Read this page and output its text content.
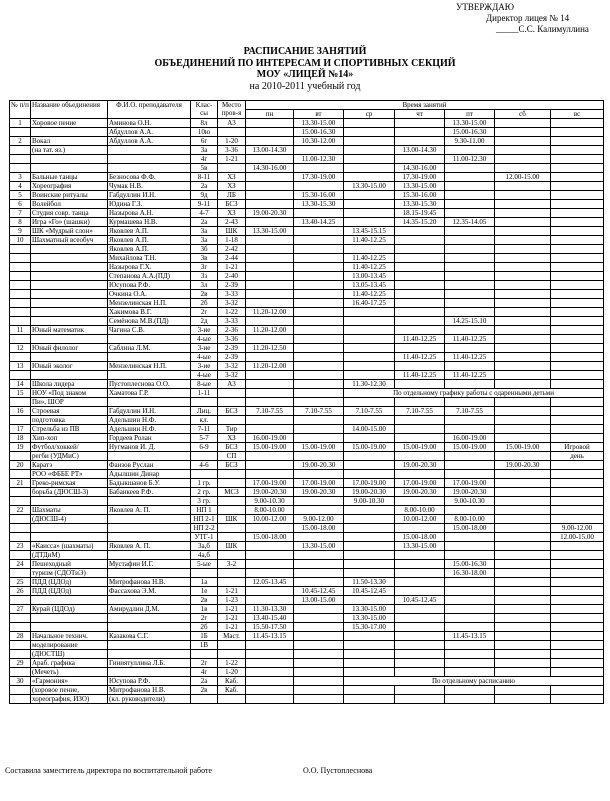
УТВЕРЖДАЮ
Директор лицея № 14
_____С.С. Калимуллина
РАСПИСАНИЕ ЗАНЯТИЙ
ОБЪЕДИНЕНИЙ ПО ИНТЕРЕСАМ И СПОРТИВНЫХ СЕКЦИЙ
МОУ «ЛИЦЕЙ №14»
на 2010-2011 учебный год
№ п/п	Название объединения	Ф.И.О. преподавателя	Клас-сы	Место пров-я	Время занятий						
					пн	вт	ср	чт	пт	сб	вс
1	Хоровое пение	Аминова О.Н.	8л	А3		13.30-15.00			13.30-15.00		
		Абдуллов А.А.	10ю			15.00-16.30			15.00-16.30		
2	Вокал	Абдуллов А.А.	6г	1-20		10.30-12.00			9.30-11.00		
	(на тат. яз.)		3а	3-36	13.00-14.30			13.00-14.30			
			4г	1-21		11.00-12.30			11.00-12.30		
			5в		14.30-16.00			14.30-16.00			
3	Бальные танцы	Безносова Ф.Ф.	8-11	ХЗ		17.30-19.00		17.30-19.00		12.00-15.00	
4	Хореография	Чумак Н.В.	2а	ХЗ			13.30-15.00	13.30-15.00			
5	Воинские ритуалы	Габдуллин И.Н.	9д	ЛБ		15.30-16.00		15.30-16.00			
6	Волейбол	Юдина Г.З.	9-11	БСЗ		13.30-15.30		13.30-15.30			
7	Студия совр. танца	Назырова А.Н.	4-7	ХЗ	19.00-20.30			18.15-19.45			
8	Игра «Го» (шашки)	Курмашева Н.В.	2а	2-43		13.40-14.25		14.35-15.20	12.35-14.05		
9	ШК «Мудрый слон»	Яковлев А.П.	3а	ШК	13.30-15.00		13.45-15.15				
10	Шахматный всеобуч	Яковлев А.П.	3а	1-18			11.40-12.25				
		Яковлев А.П.	3б	2-42							
		Михайлова Т.Н.	3в	2-44			11.40-12.25				
		Назырова Г.Х.	3г	1-21			11.40-12.25				
		Степанова А.А.(ПД)	3з	2-40			13.00-13.45				
		Юсупова Р.Ф.	3л	2-39			13.05-13.45				
		Очкина О.А.	2в	3-33			11.40-12.25				
		Мензелинская Н.П.	2б	3-32			16.40-17.25				
		Хакимова В.Г.	2г	1-22	11.20-12.00						
		Семёнова М.В.(ПД)	2д	3-33					14.25-15.10		
11	Юный математик	Чагина С.В.	3-ие	2-36	11.20-12.00						
			4-ые	3-36				11.40-12.25	11.40-12.25		
12	Юный филолог	Саблина Л.М.	3-ие	2-39	11.20-12.50						
			4-ые	2-39				11.40-12.25	11.40-12.25		
13	Юный эколог	Мензелинская Н.П.	3-ие	3-32	11.20-12.00						
			4-ые	3-32				11.40-12.25	11.40-12.25		
14	Школа лидера	Пустоплеснова О.О.	8-ые	А3			11.30-12.30				
15	НОУ «Под знаком	Хаматова Г.Р.	1-11				По отдельному графику работы с одаренными детьми				
	Пи», ШОР										
16	Строевая	Габдуллин И.Н.	Лиц.	БСЗ	7.10-7.55	7.10-7.55	7.10-7.55	7.10-7.55	7.10-7.55		
	подготовка	Адельшин Н.Ф.	кл.								
17	Стрельба из ПВ	Адельшин Н.Ф.	7-11	Тир			14.00-15.00				
18	Хип-хоп	Гордеев Ролан	5-7	ХЗ	16.00-19.00				16.00-19.00		
19	Футбол/хоккей/	Нугманов И. Д.	6-9	БСЗ	15.00-19.00	15.00-19.00	15.00-19.00	15.00-19.00	15.00-19.00	15.00-19.00	Игровой
	регби (УДМиС)			СП							день
20	Каратэ	Фаизов Руслан	4-6	БСЗ		19.00-20.30		19.00-20.30		19.00-20.30	
	РОО «ФББЕ РТ»	Адылшин Динар									
21	Греко-римская	Бадыкшанов Б.У.	1 гр.		17.00-19.00	17.00-19.00	17.00-19.00	17.00-19.00	17.00-19.00		
	борьба (ДЮСШ-3)	Бабанкеев Р.Ф.	2 гр.	МСЗ	19.00-20.30	19.00-20.30	19.00-20.30	19.00-20.30	19.00-20.30		
			3 гр.		9.00-10.30		9.00-10.30		9.00-10.30		
22	Шахматы	Яковлев А. П.	НП 1		8.00-10.00			8.00-10.00			
	(ДЮСШ-4)		НП 2-1	ШК	10.00-12.00	9.00-12.00		10.00-12.00	8.00-10.00		
			НП 2-2			15.00-18.00			15.00-18.00		9.00-12.00
			УТГ-1		15.00-18.00			15.00-18.00			12.00-15.00
23	«Каисса» (шахматы)	Яковлев А. П.	3а,б	ШК		13.30-15.00		13.30-15.00			
	(ДТДиМ)		4а,б								
24	Пешеходный	Мустафин И.Г.	5-ые	3-2					15.00-16.30		
	туризм (СДОТиЭ)								16.30-18.00		
25	ПДД (ЦДОд)	Митрофанова Н.В.	1а		12.05-13.45		11.50-13.30				
26	ПДД (ЦДОд)	Фассахова Э.М.	1е	1-21		10.45-12.45	10.45-12.45				
			2в	1-23		13.00-15.00		10.45-12.45			
27	Курай (ЦДОд)	Амирудлин Д.М.	1в	1-21	11.30-13.30		13.30-15.00				
			2г	1-21	13.40-15.40		13.30-15.00				
			2б	1-21	15.50-17.50		15.30-17.00				
28	Начальное технич.	Казакова С.Г.	1Б	Маст.	11.45-13.15				11.45-13.15		
	моделирование		1В								
	(ДЮСТШ)										
29	Араб. графика	Гиниятуллина Л.Б.	2г	1-22							
	(Мечеть)		4г	1-20							
30	«Гармония»	Юсупова Р.Ф.	2а	Каб.			По отдельному расписанию				
	(хоровое пение,	Митрофанова Н.В.	2в	Каб.							
	хореография, ИЗО)	(кл. руководители)									
Составила заместитель директора по воспитательной работе	О.О. Пустоплеснова
